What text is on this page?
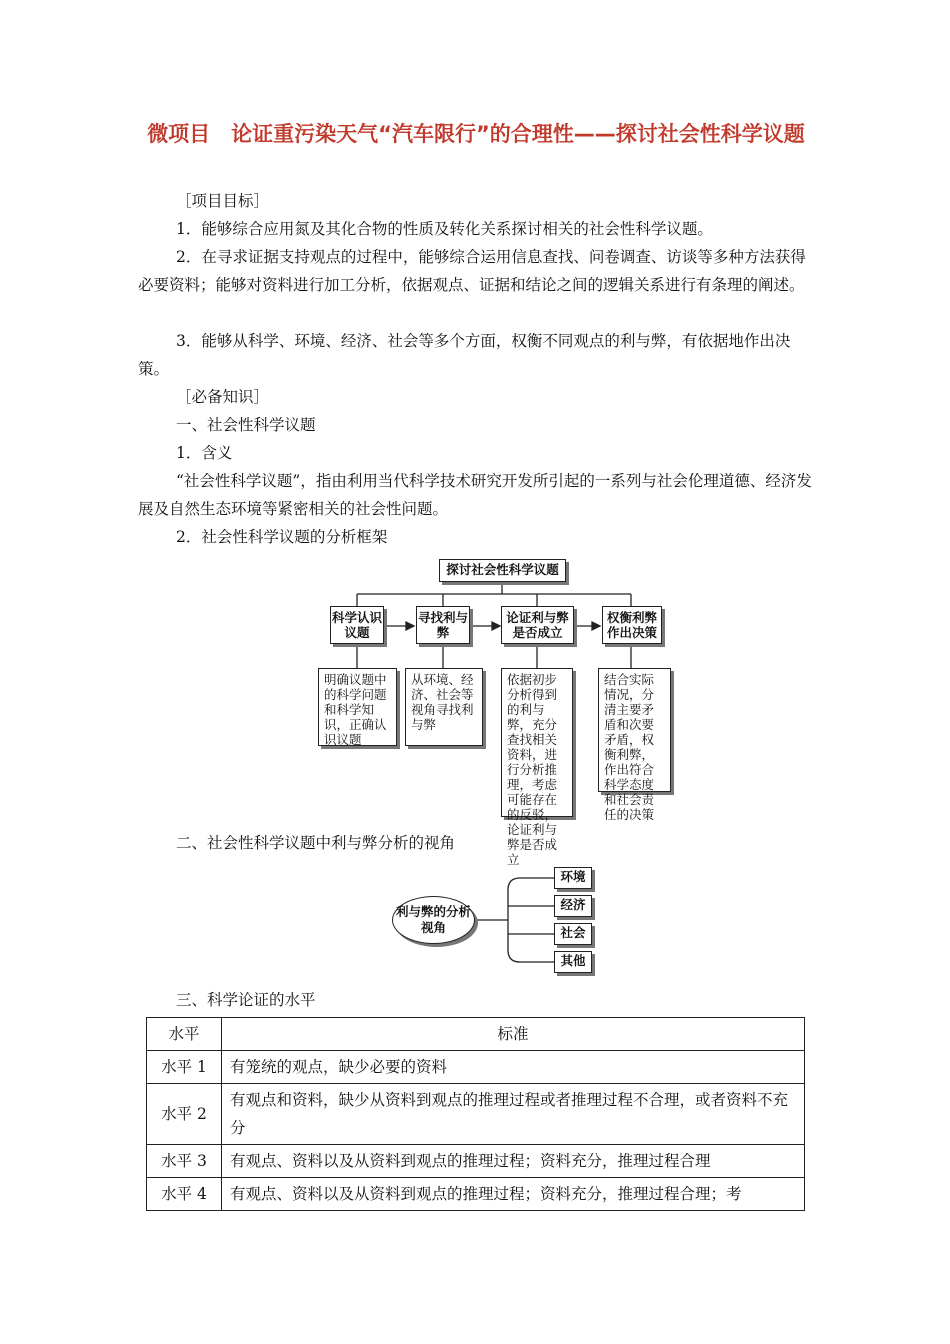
微项目　论证重污染天气“汽车限行”的合理性——探讨社会性科学议题
［项目目标］
1．能够综合应用氮及其化合物的性质及转化关系探讨相关的社会性科学议题。
2．在寻求证据支持观点的过程中，能够综合运用信息查找、问卷调查、访谈等多种方法获得必要资料；能够对资料进行加工分析，依据观点、证据和结论之间的逻辑关系进行有条理的阐述。
3．能够从科学、环境、经济、社会等多个方面，权衡不同观点的利与弊，有依据地作出决策。
［必备知识］
一、社会性科学议题
1．含义
“社会性科学议题”，指由利用当代科学技术研究开发所引起的一系列与社会伦理道德、经济发展及自然生态环境等紧密相关的社会性问题。
2．社会性科学议题的分析框架
探讨社会性科学议题
科学认识议题
寻找利与弊
论证利与弊是否成立
权衡利弊作出决策
明确议题中的科学问题和科学知识，正确认识议题
从环境、经济、社会等视角寻找利与弊
依据初步分析得到的利与弊，充分查找相关资料，进行分析推理，考虑可能存在的反驳，论证利与弊是否成立
结合实际情况，分清主要矛盾和次要矛盾，权衡利弊，作出符合科学态度和社会责任的决策
二、社会性科学议题中利与弊分析的视角
利与弊的分析视角
环境
经济
社会
其他
三、科学论证的水平
水平	标准
水平 1	有笼统的观点，缺少必要的资料
水平 2	有观点和资料，缺少从资料到观点的推理过程或者推理过程不合理，或者资料不充分
水平 3	有观点、资料以及从资料到观点的推理过程；资料充分，推理过程合理
水平 4	有观点、资料以及从资料到观点的推理过程；资料充分，推理过程合理；考
